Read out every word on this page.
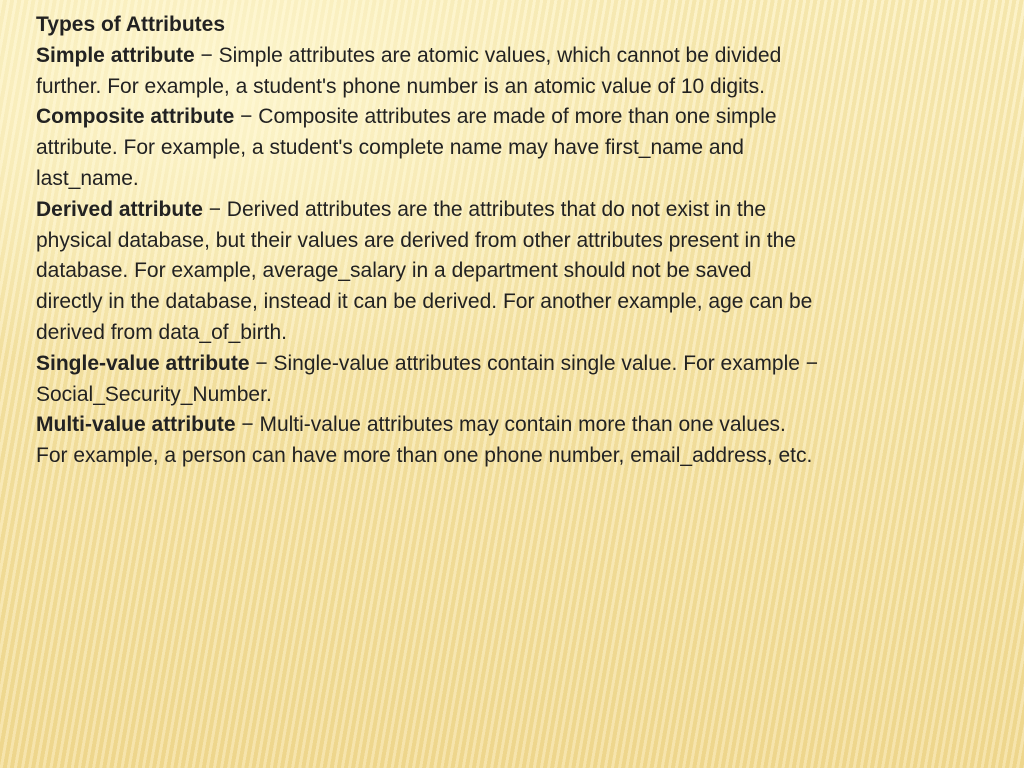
Types of Attributes
Simple attribute − Simple attributes are atomic values, which cannot be divided
further. For example, a student's phone number is an atomic value of 10 digits.
Composite attribute − Composite attributes are made of more than one simple
attribute. For example, a student's complete name may have first_name and
last_name.
Derived attribute − Derived attributes are the attributes that do not exist in the
physical database, but their values are derived from other attributes present in the
database. For example, average_salary in a department should not be saved
directly in the database, instead it can be derived. For another example, age can be
derived from data_of_birth.
Single-value attribute − Single-value attributes contain single value. For example −
Social_Security_Number.
Multi-value attribute − Multi-value attributes may contain more than one values.
For example, a person can have more than one phone number, email_address, etc.
